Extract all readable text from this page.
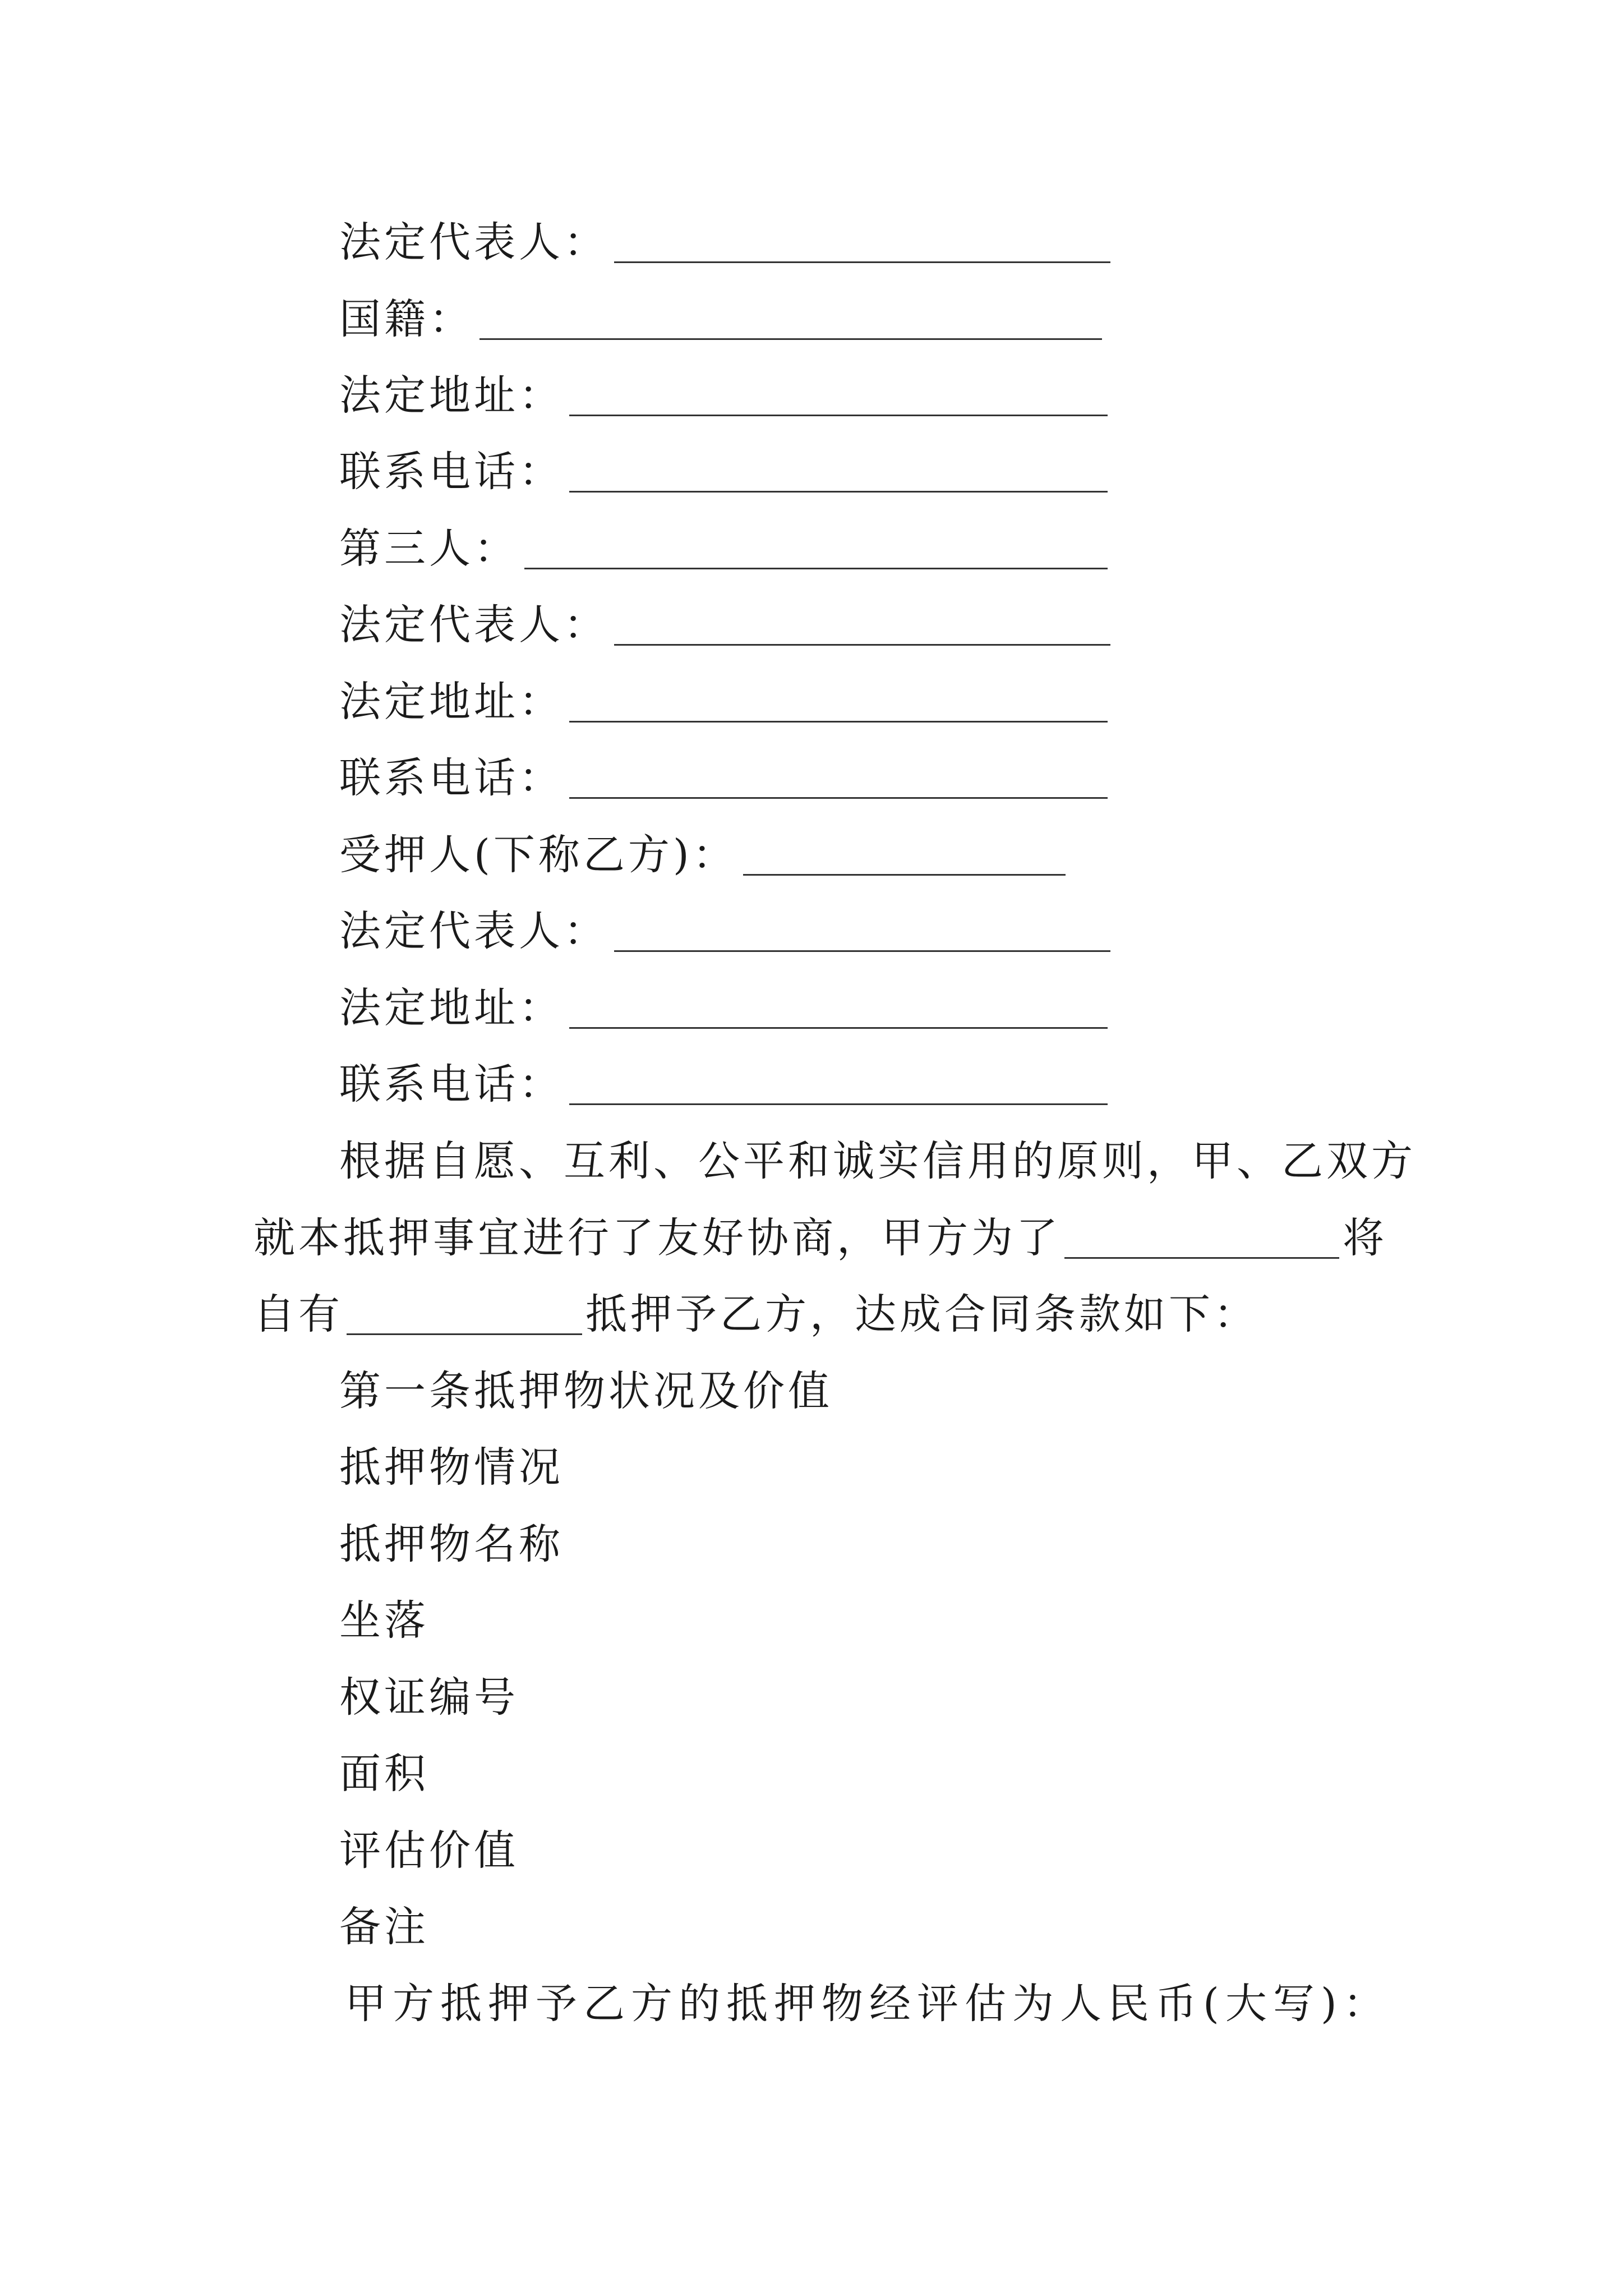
法定代表人：
国籍：
法定地址：
联系电话：
第三人：
法定代表人：
法定地址：
联系电话：
受押人(下称乙方)：
法定代表人：
法定地址：
联系电话：
根据自愿、互利、公平和诚实信用的原则，甲、乙双方
就本抵押事宜进行了友好协商，甲方为了	将
自有	抵押予乙方，达成合同条款如下：
第一条抵押物状况及价值
抵押物情况
抵押物名称
坐落
权证编号
面积
评估价值
备注
甲方抵押予乙方的抵押物经评估为人民币(大写)：
